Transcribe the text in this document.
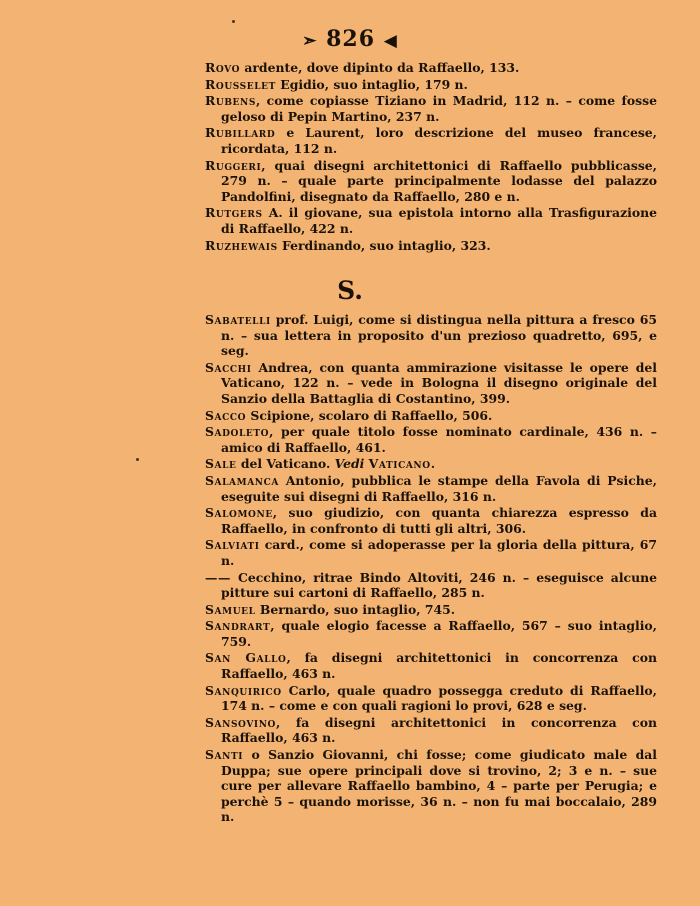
➣ 826 ◀

Rovo ardente, dove dipinto da Raffaello, 133.

Rousselet Egidio, suo intaglio, 179 n.

Rubens, come copiasse Tiziano in Madrid, 112 n. – come fosse geloso di Pepin Martino, 237 n.

Rubillard e Laurent, loro descrizione del museo francese, ricordata, 112 n.

Ruggeri, quai disegni architettonici di Raffaello pubblicasse, 279 n. – quale parte principalmente lodasse del palazzo Pandolfini, disegnato da Raffaello, 280 e n.

Rutgers A. il giovane, sua epistola intorno alla Trasfigurazione di Raffaello, 422 n.

Ruzhewais Ferdinando, suo intaglio, 323.

S.

Sabatelli prof. Luigi, come si distingua nella pittura a fresco 65 n. – sua lettera in proposito d'un prezioso quadretto, 695, e seg.

Sacchi Andrea, con quanta ammirazione visitasse le opere del Vaticano, 122 n. – vede in Bologna il disegno originale del Sanzio della Battaglia di Costantino, 399.

Sacco Scipione, scolaro di Raffaello, 506.

Sadoleto, per quale titolo fosse nominato cardinale, 436 n. – amico di Raffaello, 461.

Sale del Vaticano. Vedi Vaticano.

Salamanca Antonio, pubblica le stampe della Favola di Psiche, eseguite sui disegni di Raffaello, 316 n.

Salomone, suo giudizio, con quanta chiarezza espresso da Raffaello, in confronto di tutti gli altri, 306.

Salviati card., come si adoperasse per la gloria della pittura, 67 n.

—— Cecchino, ritrae Bindo Altoviti, 246 n. – eseguisce alcune pitture sui cartoni di Raffaello, 285 n.

Samuel Bernardo, suo intaglio, 745.

Sandrart, quale elogio facesse a Raffaello, 567 – suo intaglio, 759.

San Gallo, fa disegni architettonici in concorrenza con Raffaello, 463 n.

Sanquirico Carlo, quale quadro possegga creduto di Raffaello, 174 n. – come e con quali ragioni lo provi, 628 e seg.

Sansovino, fa disegni architettonici in concorrenza con Raffaello, 463 n.

Santi o Sanzio Giovanni, chi fosse; come giudicato male dal Duppa; sue opere principali dove si trovino, 2; 3 e n. – sue cure per allevare Raffaello bambino, 4 – parte per Perugia; e perchè 5 – quando morisse, 36 n. – non fu mai boccalaio, 289 n.
